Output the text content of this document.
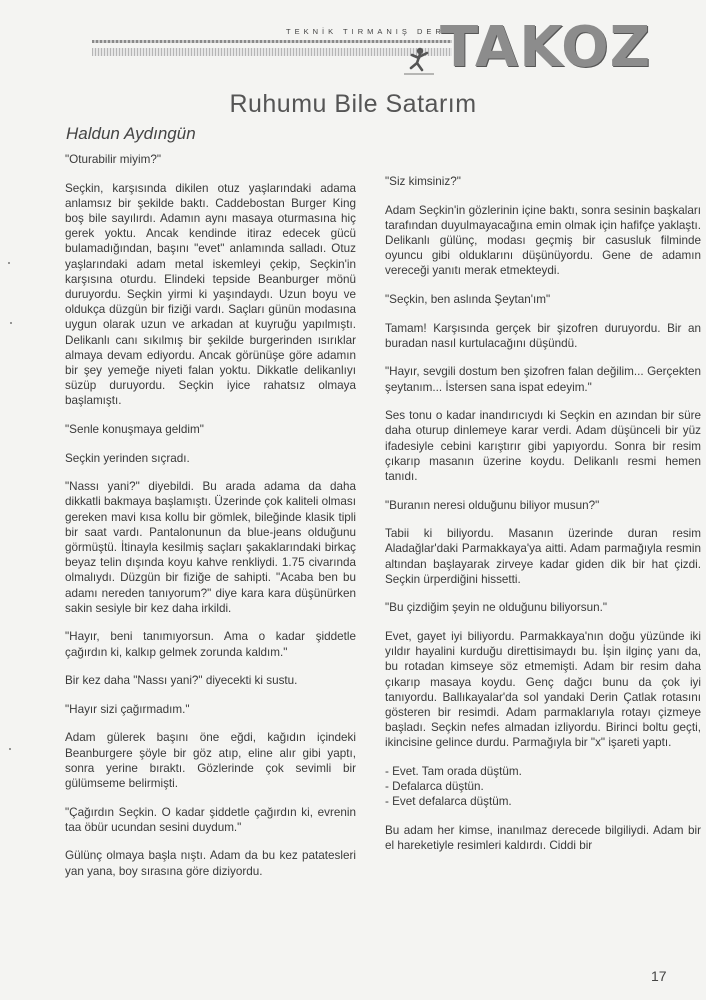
TEKNİK TIRMANIŞ DERGİSİ
TAKOZ
Ruhumu Bile Satarım
Haldun Aydıngün

"Oturabilir miyim?"

Seçkin, karşısında dikilen otuz yaşlarındaki adama anlamsız bir şekilde baktı. Caddebostan Burger King boş bile sayılırdı. Adamın aynı masaya oturmasına hiç gerek yoktu. Ancak kendinde itiraz edecek gücü bulamadığından, başını "evet" anlamında salladı. Otuz yaşlarındaki adam metal iskemleyi çekip, Seçkin'in karşısına oturdu. Elindeki tepside Beanburger mönü duruyordu. Seçkin yirmi ki yaşındaydı. Uzun boyu ve oldukça düzgün bir fiziği vardı. Saçları günün modasına uygun olarak uzun ve arkadan at kuyruğu yapılmıştı. Delikanlı canı sıkılmış bir şekilde burgerinden ısırıklar almaya devam ediyordu. Ancak görünüşe göre adamın bir şey yemeğe niyeti falan yoktu. Dikkatle delikanlıyı süzüp duruyordu. Seçkin iyice rahatsız olmaya başlamıştı.

"Senle konuşmaya geldim"

Seçkin yerinden sıçradı.

"Nassı yani?" diyebildi. Bu arada adama da daha dikkatli bakmaya başlamıştı. Üzerinde çok kaliteli olması gereken mavi kısa kollu bir gömlek, bileğinde klasik tipli bir saat vardı. Pantalonunun da blue-jeans olduğunu görmüştü. İtinayla kesilmiş saçları şakaklarındaki birkaç beyaz telin dışında koyu kahve renkliydi. 1.75 civarında olmalıydı. Düzgün bir fiziğe de sahipti. "Acaba ben bu adamı nereden tanıyorum?" diye kara kara düşünürken sakin sesiyle bir kez daha irkildi.

"Hayır, beni tanımıyorsun. Ama o kadar şiddetle çağırdın ki, kalkıp gelmek zorunda kaldım."

Bir kez daha "Nassı yani?" diyecekti ki sustu.

"Hayır sizi çağırmadım."

Adam gülerek başını öne eğdi, kağıdın içindeki Beanburgere şöyle bir göz atıp, eline alır gibi yaptı, sonra yerine bıraktı. Gözlerinde çok sevimli bir gülümseme belirmişti.

"Çağırdın Seçkin. O kadar şiddetle çağırdın ki, evrenin taa öbür ucundan sesini duydum."

Gülünç olmaya başla nıştı. Adam da bu kez patatesleri yan yana, boy sırasına göre diziyordu.

"Siz kimsiniz?"

Adam Seçkin'in gözlerinin içine baktı, sonra sesinin başkaları tarafından duyulmayacağına emin olmak için hafifçe yaklaştı. Delikanlı gülünç, modası geçmiş bir casusluk filminde oyuncu gibi olduklarını düşünüyordu. Gene de adamın vereceği yanıtı merak etmekteydi.

"Seçkin, ben aslında Şeytan'ım"

Tamam! Karşısında gerçek bir şizofren duruyordu. Bir an buradan nasıl kurtulacağını düşündü.

"Hayır, sevgili dostum ben şizofren falan değilim... Gerçekten şeytanım... İstersen sana ispat edeyim."

Ses tonu o kadar inandırıcıydı ki Seçkin en azından bir süre daha oturup dinlemeye karar verdi. Adam düşünceli bir yüz ifadesiyle cebini karıştırır gibi yapıyordu. Sonra bir resim çıkarıp masanın üzerine koydu. Delikanlı resmi hemen tanıdı.

"Buranın neresi olduğunu biliyor musun?"

Tabii ki biliyordu. Masanın üzerinde duran resim Aladağlar'daki Parmakkaya'ya aitti. Adam parmağıyla resmin altından başlayarak zirveye kadar giden dik bir hat çizdi. Seçkin ürperdiğini hissetti.

"Bu çizdiğim şeyin ne olduğunu biliyorsun."

Evet, gayet iyi biliyordu. Parmakkaya'nın doğu yüzünde iki yıldır hayalini kurduğu direttisimaydı bu. İşin ilginç yanı da, bu rotadan kimseye söz etmemişti. Adam bir resim daha çıkarıp masaya koydu. Genç dağcı bunu da çok iyi tanıyordu. Ballıkayalar'da sol yandaki Derin Çatlak rotasını gösteren bir resimdi. Adam parmaklarıyla rotayı çizmeye başladı. Seçkin nefes almadan izliyordu. Birinci boltu geçti, ikincisine gelince durdu. Parmağıyla bir "x" işareti yaptı.

- Evet. Tam orada düştüm.

- Defalarca düştün.

- Evet defalarca düştüm.

Bu adam her kimse, inanılmaz derecede bilgiliydi. Adam bir el hareketiyle resimleri kaldırdı. Ciddi bir

17
